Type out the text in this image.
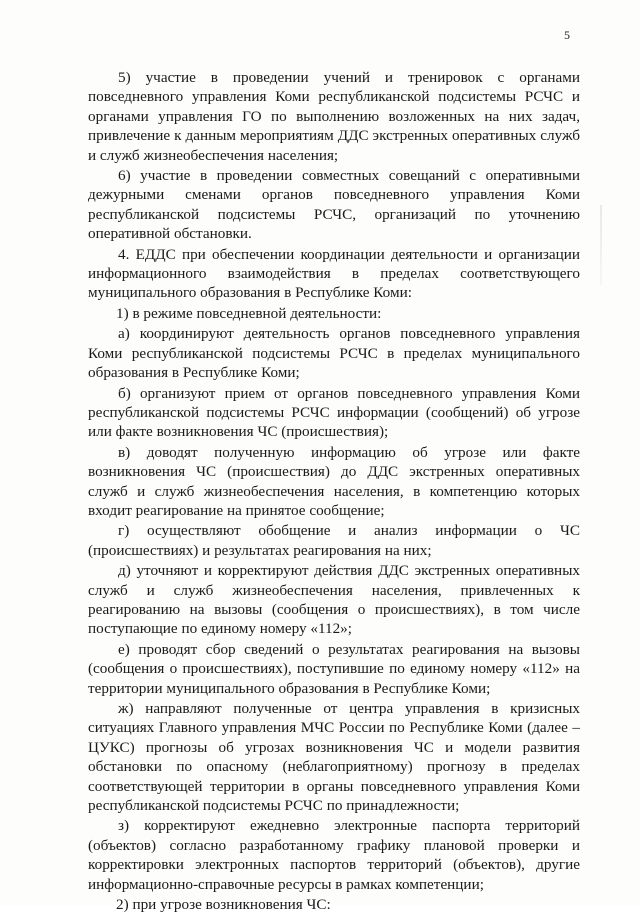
5

5) участие в проведении учений и тренировок с органами повседневного управления Коми республиканской подсистемы РСЧС и органами управления ГО по выполнению возложенных на них задач, привлечение к данным мероприятиям ДДС экстренных оперативных служб и служб жизнеобеспечения населения;

6) участие в проведении совместных совещаний с оперативными дежурными сменами органов повседневного управления Коми республиканской подсистемы РСЧС, организаций по уточнению оперативной обстановки.

4. ЕДДС при обеспечении координации деятельности и организации информационного взаимодействия в пределах соответствующего муниципального образования в Республике Коми:

1) в режиме повседневной деятельности:

а) координируют деятельность органов повседневного управления Коми республиканской подсистемы РСЧС в пределах муниципального образования в Республике Коми;

б) организуют прием от органов повседневного управления Коми республиканской подсистемы РСЧС информации (сообщений) об угрозе или факте возникновения ЧС (происшествия);

в) доводят полученную информацию об угрозе или факте возникновения ЧС (происшествия) до ДДС экстренных оперативных служб и служб жизнеобеспечения населения, в компетенцию которых входит реагирование на принятое сообщение;

г) осуществляют обобщение и анализ информации о ЧС (происшествиях) и результатах реагирования на них;

д) уточняют и корректируют действия ДДС экстренных оперативных служб и служб жизнеобеспечения населения, привлеченных к реагированию на вызовы (сообщения о происшествиях), в том числе поступающие по единому номеру «112»;

е) проводят сбор сведений о результатах реагирования на вызовы (сообщения о происшествиях), поступившие по единому номеру «112» на территории муниципального образования в Республике Коми;

ж) направляют полученные от центра управления в кризисных ситуациях Главного управления МЧС России по Республике Коми (далее – ЦУКС) прогнозы об угрозах возникновения ЧС и модели развития обстановки по опасному (неблагоприятному) прогнозу в пределах соответствующей территории в органы повседневного управления Коми республиканской подсистемы РСЧС по принадлежности;

з) корректируют ежедневно электронные паспорта территорий (объектов) согласно разработанному графику плановой проверки и корректировки электронных паспортов территорий (объектов), другие информационно-справочные ресурсы в рамках компетенции;

2) при угрозе возникновения ЧС:
